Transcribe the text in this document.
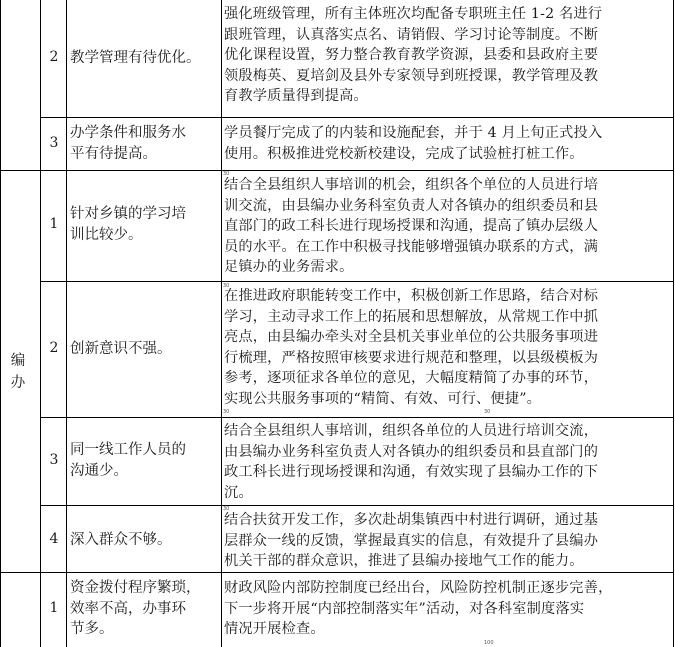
2 教学管理有待优化。
强化班级管理，所有主体班次均配备专职班主任 1-2 名进行
跟班管理，认真落实点名、请销假、学习讨论等制度。不断
优化课程设置，努力整合教育教学资源，县委和县政府主要
领殷梅英、夏培剑及县外专家领导到班授课，教学管理及教
育教学质量得到提高。
3
办学条件和服务水
平有待提高。
学员餐厅完成了的内装和设施配套，并于 4 月上旬正式投入
使用。积极推进党校新校建设，完成了试验桩打桩工作。
1
针对乡镇的学习培
训比较少。
结合全县组织人事培训的机会，组织各个单位的人员进行培
训交流，由县编办业务科室负责人对各镇办的组织委员和县
直部门的政工科长进行现场授课和沟通，提高了镇办层级人
员的水平。在工作中积极寻找能够增强镇办联系的方式，满
足镇办的业务需求。
2 创新意识不强。
在推进政府职能转变工作中，积极创新工作思路，结合对标
学习，主动寻求工作上的拓展和思想解放，从常规工作中抓
亮点，由县编办牵头对全县机关事业单位的公共服务事项进
行梳理，严格按照审核要求进行规范和整理，以县级模板为
参考，逐项征求各单位的意见，大幅度精简了办事的环节，
实现公共服务事项的“精简、有效、可行、便捷”。
编
办
3
同一线工作人员的
沟通少。
结合全县组织人事培训，组织各单位的人员进行培训交流，
由县编办业务科室负责人对各镇办的组织委员和县直部门的
政工科长进行现场授课和沟通，有效实现了县编办工作的下
沉。
4 深入群众不够。
结合扶贫开发工作，多次赴胡集镇西中村进行调研，通过基
层群众一线的反馈，掌握最真实的信息，有效提升了县编办
机关干部的群众意识，推进了县编办接地气工作的能力。
1
资金拨付程序繁琐，
效率不高，办事环
节多。
财政风险内部防控制度已经出台，风险防控机制正逐步完善，
下一步将开展“内部控制落实年”活动，对各科室制度落实
情况开展检查。
30
30
30	30
30
100
